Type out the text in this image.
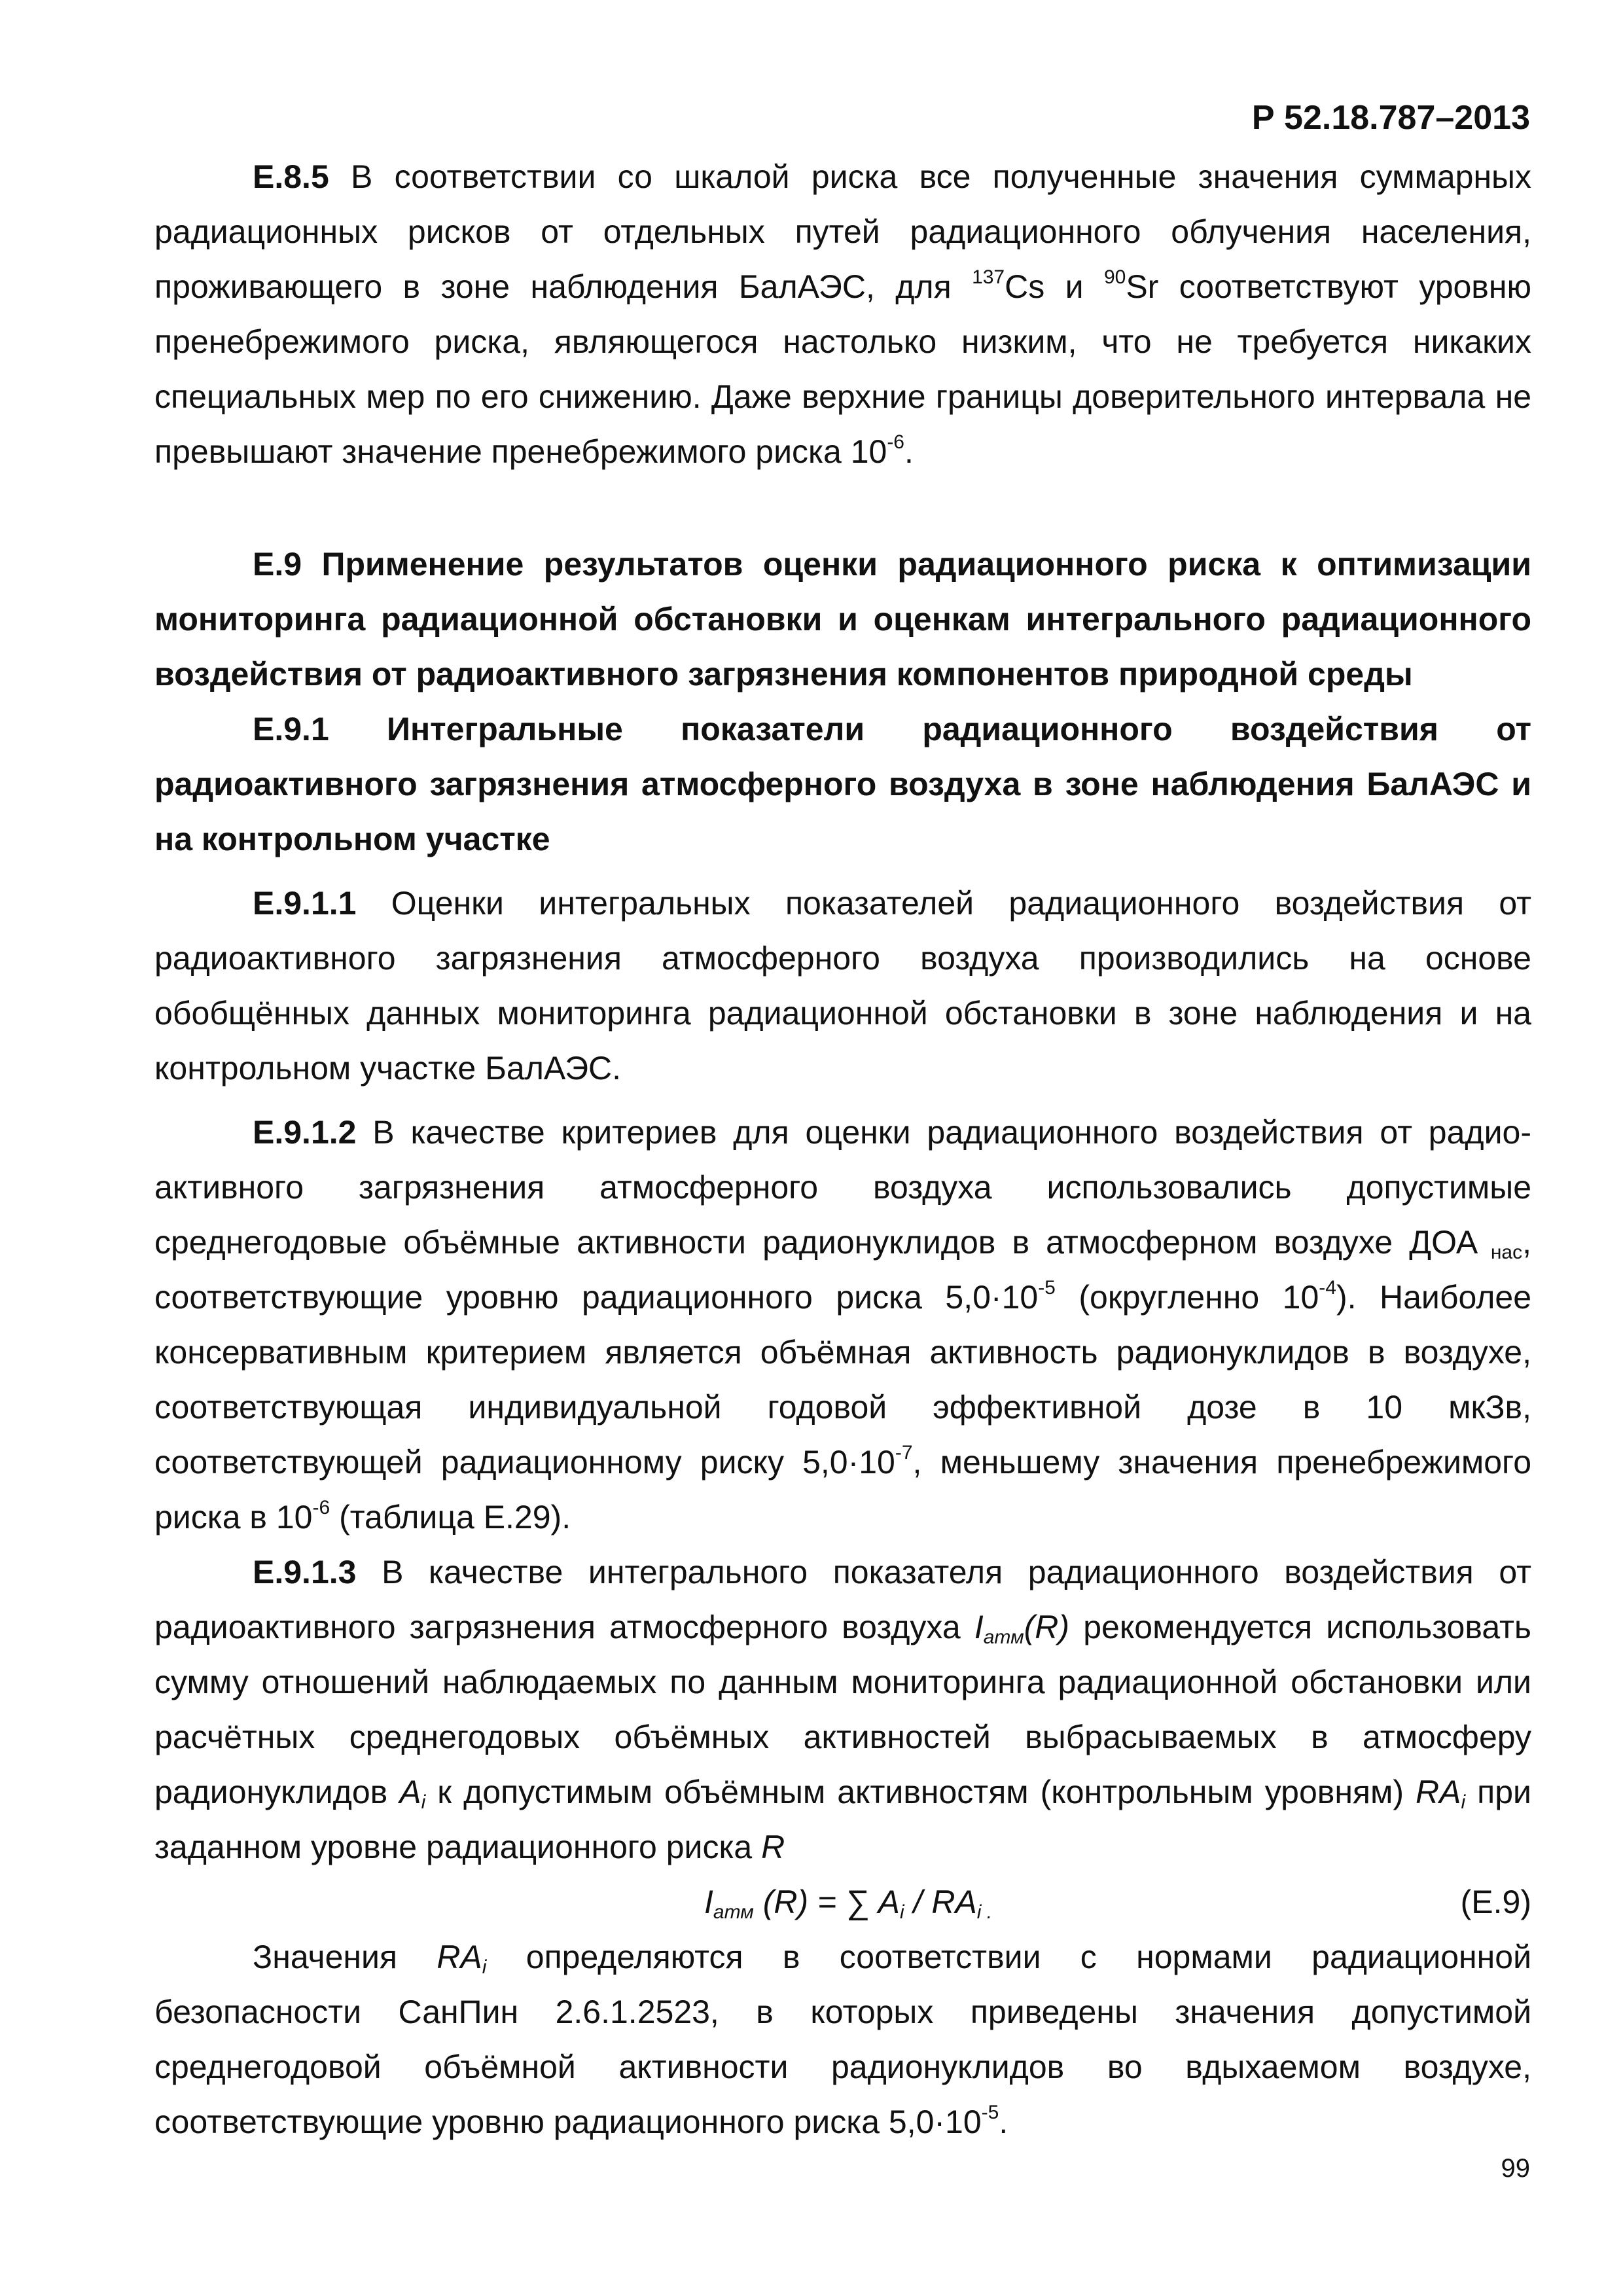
Р 52.18.787–2013

Е.8.5 В соответствии со шкалой риска все полученные значения суммарных радиационных рисков от отдельных путей радиационного облучения населения, проживающего в зоне наблюдения БалАЭС, для $^{137}$Cs и $^{90}$Sr соответствуют уровню пренебрежимого риска, являющегося настолько низким, что не требуется никаких специальных мер по его снижению. Даже верхние границы доверительного интервала не превышают значение пренебрежимого риска $10^{-6}$.

Е.9 Применение результатов оценки радиационного риска к оптимизации мониторинга радиационной обстановки и оценкам интегрального радиационного воздействия от радиоактивного загрязнения компонентов природной среды

Е.9.1 Интегральные показатели радиационного воздействия от радиоактивного загрязнения атмосферного воздуха в зоне наблюдения БалАЭС и на контрольном участке

Е.9.1.1 Оценки интегральных показателей радиационного воздействия от радиоактивного загрязнения атмосферного воздуха производились на основе обобщённых данных мониторинга радиационной обстановки в зоне наблюдения и на контрольном участке БалАЭС.

Е.9.1.2 В качестве критериев для оценки радиационного воздействия от радио-активного загрязнения атмосферного воздуха использовались допустимые среднегодовые объёмные активности радионуклидов в атмосферном воздухе ДОА $_{нас}$, соответствующие уровню радиационного риска $5,0\cdot 10^{-5}$ (округленно $10^{-4}$). Наиболее консервативным критерием является объёмная активность радионуклидов в воздухе, соответствующая индивидуальной годовой эффективной дозе в 10 мкЗв, соответствующей радиационному риску $5,0\cdot 10^{-7}$, меньшему значения пренебрежимого риска в $10^{-6}$ (таблица Е.29).

Е.9.1.3 В качестве интегрального показателя радиационного воздействия от радиоактивного загрязнения атмосферного воздуха $I_{атм}(R)$ рекомендуется использовать сумму отношений наблюдаемых по данным мониторинга радиационной обстановки или расчётных среднегодовых объёмных активностей выбрасываемых в атмосферу радионуклидов $A_i$ к допустимым объёмным активностям (контрольным уровням) $RA_i$ при заданном уровне радиационного риска R

$I_{атм}$ (R) = ∑ $A_i / RA_{i .}$	(Е.9)

Значения $RA_i$ определяются в соответствии с нормами радиационной безопасности СанПин 2.6.1.2523, в которых приведены значения допустимой среднегодовой объёмной активности радионуклидов во вдыхаемом воздухе, соответствующие уровню радиационного риска $5,0\cdot 10^{-5}$.

99
